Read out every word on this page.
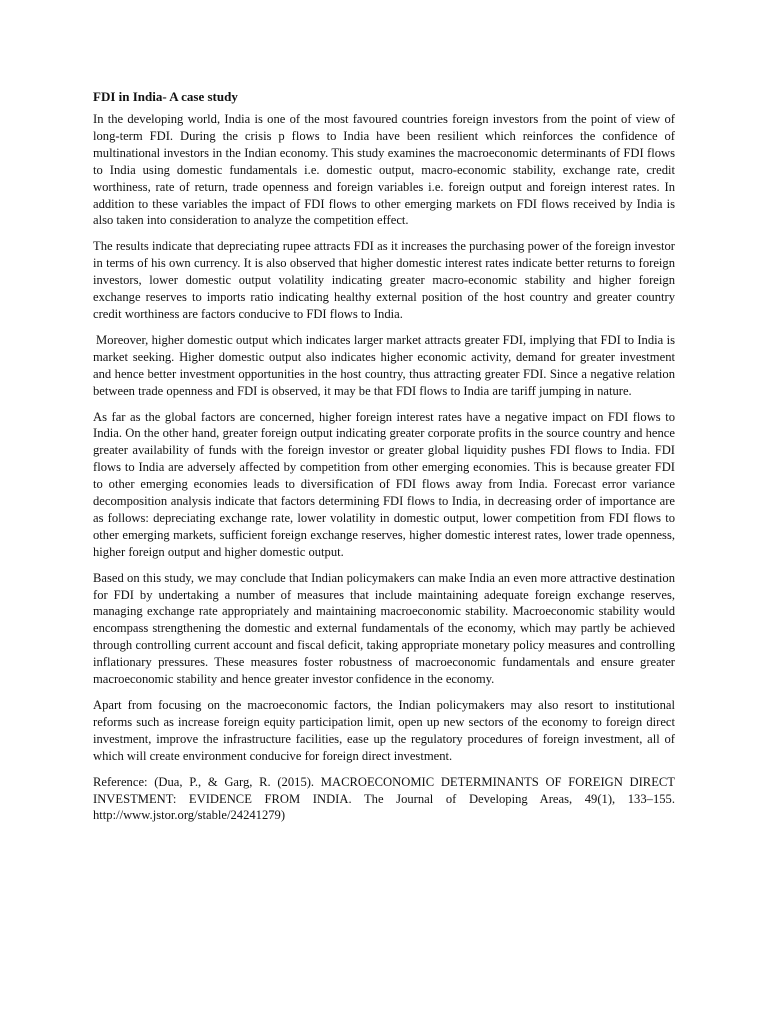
FDI in India- A case study

In the developing world, India is one of the most favoured countries foreign investors from the point of view of long-term FDI. During the crisis p flows to India have been resilient which reinforces the confidence of multinational investors in the Indian economy. This study examines the macroeconomic determinants of FDI flows to India using domestic fundamentals i.e. domestic output, macro-economic stability, exchange rate, credit worthiness, rate of return, trade openness and foreign variables i.e. foreign output and foreign interest rates. In addition to these variables the impact of FDI flows to other emerging markets on FDI flows received by India is also taken into consideration to analyze the competition effect.

The results indicate that depreciating rupee attracts FDI as it increases the purchasing power of the foreign investor in terms of his own currency. It is also observed that higher domestic interest rates indicate better returns to foreign investors, lower domestic output volatility indicating greater macro-economic stability and higher foreign exchange reserves to imports ratio indicating healthy external position of the host country and greater country credit worthiness are factors conducive to FDI flows to India.

Moreover, higher domestic output which indicates larger market attracts greater FDI, implying that FDI to India is market seeking. Higher domestic output also indicates higher economic activity, demand for greater investment and hence better investment opportunities in the host country, thus attracting greater FDI. Since a negative relation between trade openness and FDI is observed, it may be that FDI flows to India are tariff jumping in nature.

As far as the global factors are concerned, higher foreign interest rates have a negative impact on FDI flows to India. On the other hand, greater foreign output indicating greater corporate profits in the source country and hence greater availability of funds with the foreign investor or greater global liquidity pushes FDI flows to India. FDI flows to India are adversely affected by competition from other emerging economies. This is because greater FDI to other emerging economies leads to diversification of FDI flows away from India. Forecast error variance decomposition analysis indicate that factors determining FDI flows to India, in decreasing order of importance are as follows: depreciating exchange rate, lower volatility in domestic output, lower competition from FDI flows to other emerging markets, sufficient foreign exchange reserves, higher domestic interest rates, lower trade openness, higher foreign output and higher domestic output.

Based on this study, we may conclude that Indian policymakers can make India an even more attractive destination for FDI by undertaking a number of measures that include maintaining adequate foreign exchange reserves, managing exchange rate appropriately and maintaining macroeconomic stability. Macroeconomic stability would encompass strengthening the domestic and external fundamentals of the economy, which may partly be achieved through controlling current account and fiscal deficit, taking appropriate monetary policy measures and controlling inflationary pressures. These measures foster robustness of macroeconomic fundamentals and ensure greater macroeconomic stability and hence greater investor confidence in the economy.

Apart from focusing on the macroeconomic factors, the Indian policymakers may also resort to institutional reforms such as increase foreign equity participation limit, open up new sectors of the economy to foreign direct investment, improve the infrastructure facilities, ease up the regulatory procedures of foreign investment, all of which will create environment conducive for foreign direct investment.

Reference: (Dua, P., & Garg, R. (2015). MACROECONOMIC DETERMINANTS OF FOREIGN DIRECT INVESTMENT: EVIDENCE FROM INDIA. The Journal of Developing Areas, 49(1), 133–155. http://www.jstor.org/stable/24241279)
